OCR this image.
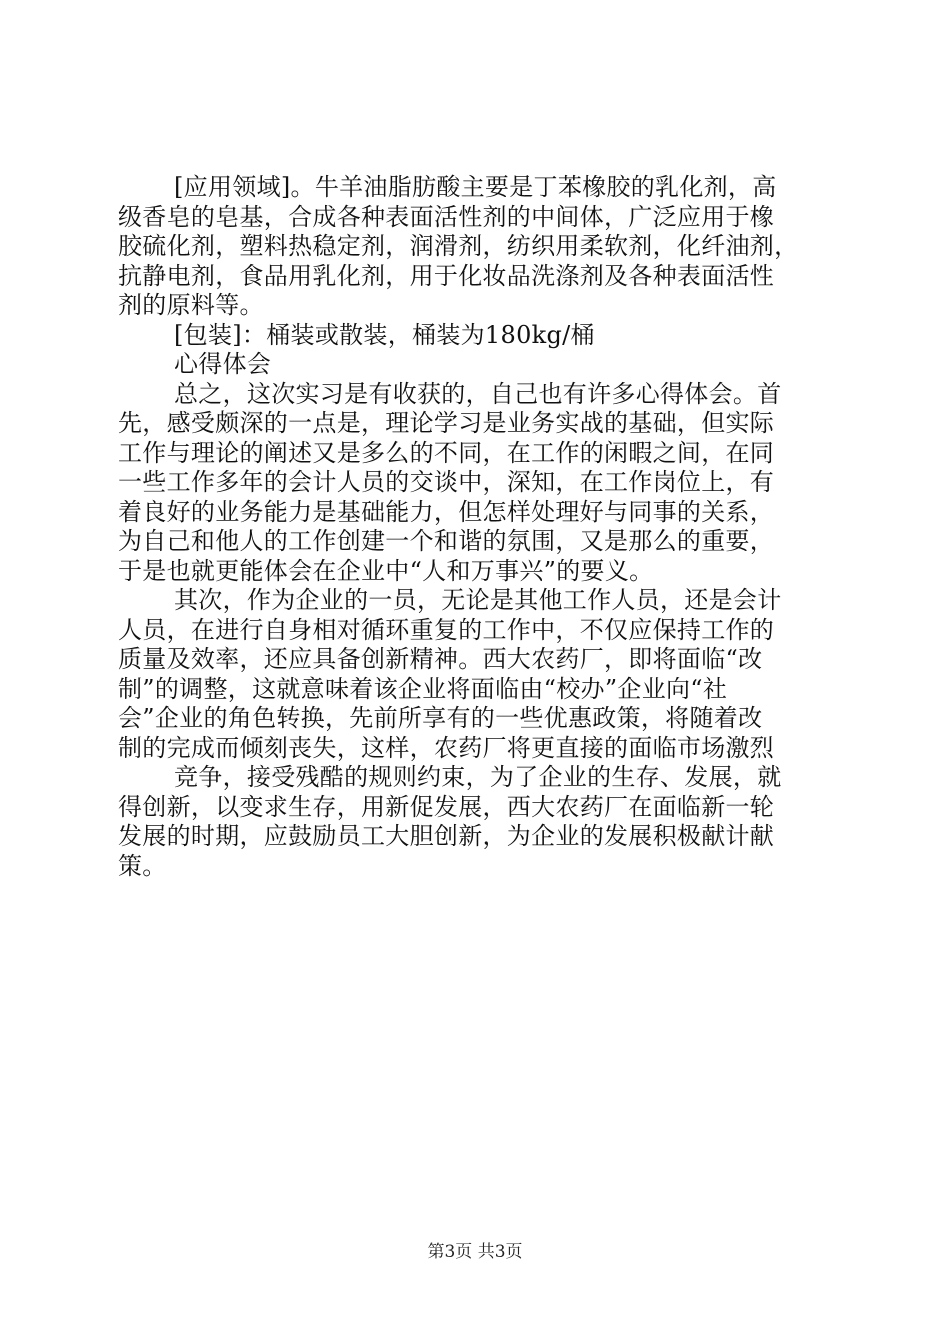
[应用领域]。牛羊油脂肪酸主要是丁苯橡胶的乳化剂，高
级香皂的皂基，合成各种表面活性剂的中间体，广泛应用于橡
胶硫化剂，塑料热稳定剂，润滑剂，纺织用柔软剂，化纤油剂，
抗静电剂，食品用乳化剂，用于化妆品洗涤剂及各种表面活性
剂的原料等。
[包装]：桶装或散装，桶装为180kg/桶
心得体会
总之，这次实习是有收获的，自己也有许多心得体会。首
先，感受颇深的一点是，理论学习是业务实战的基础，但实际
工作与理论的阐述又是多么的不同，在工作的闲暇之间，在同
一些工作多年的会计人员的交谈中，深知，在工作岗位上，有
着良好的业务能力是基础能力，但怎样处理好与同事的关系，
为自己和他人的工作创建一个和谐的氛围，又是那么的重要，
于是也就更能体会在企业中“人和万事兴”的要义。
其次，作为企业的一员，无论是其他工作人员，还是会计
人员，在进行自身相对循环重复的工作中，不仅应保持工作的
质量及效率，还应具备创新精神。西大农药厂，即将面临“改
制”的调整，这就意味着该企业将面临由“校办”企业向“社
会”企业的角色转换，先前所享有的一些优惠政策，将随着改
制的完成而倾刻丧失，这样，农药厂将更直接的面临市场激烈
竞争，接受残酷的规则约束，为了企业的生存、发展，就
得创新，以变求生存，用新促发展，西大农药厂在面临新一轮
发展的时期，应鼓励员工大胆创新，为企业的发展积极献计献
策。
第3页 共3页
